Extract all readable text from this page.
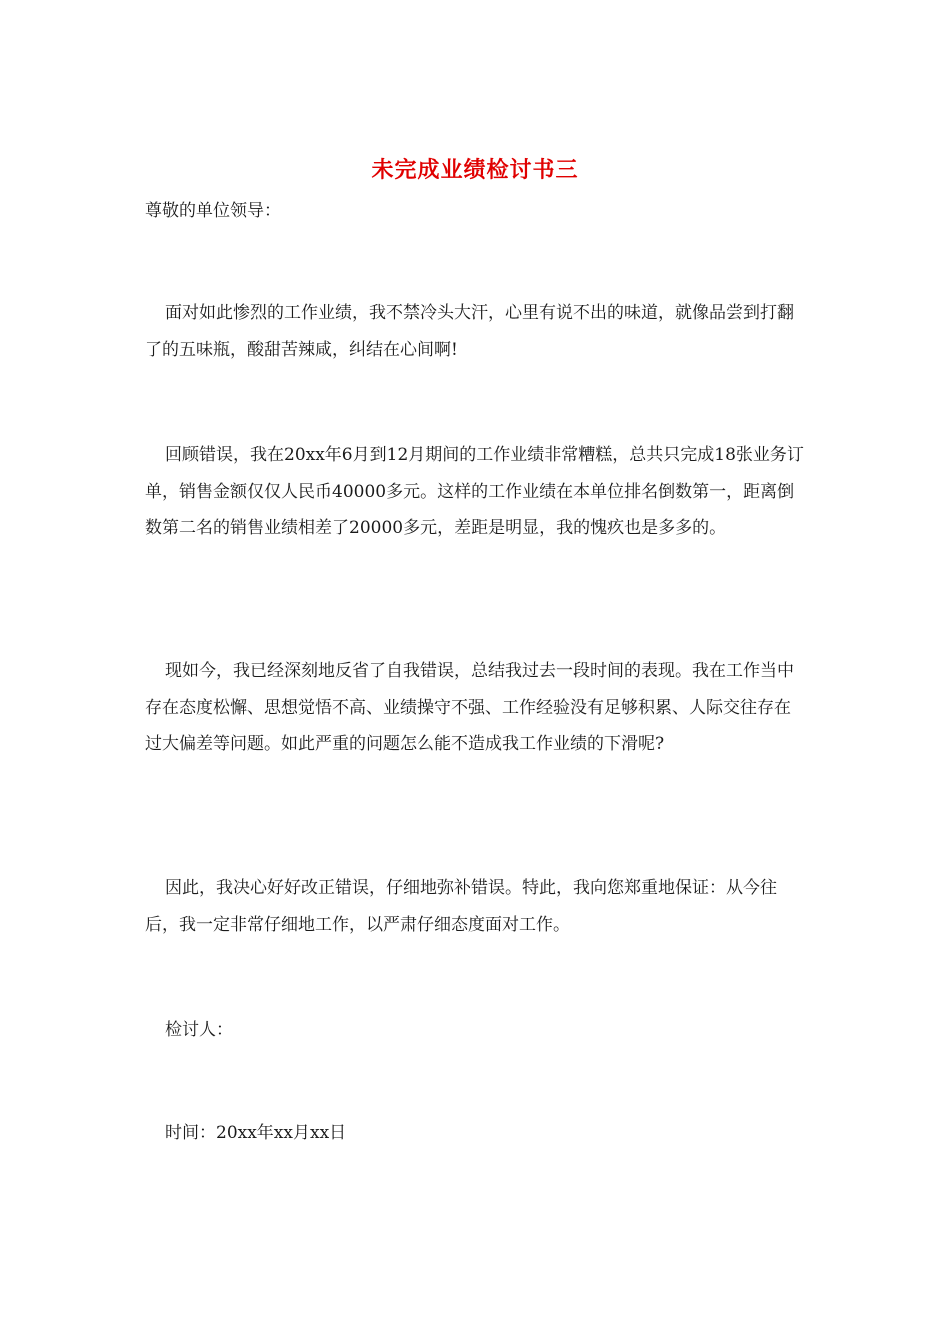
未完成业绩检讨书三
尊敬的单位领导：

面对如此惨烈的工作业绩，我不禁冷头大汗，心里有说不出的味道，就像品尝到打翻了的五味瓶，酸甜苦辣咸，纠结在心间啊!

回顾错误，我在20xx年6月到12月期间的工作业绩非常糟糕，总共只完成18张业务订单，销售金额仅仅人民币40000多元。这样的工作业绩在本单位排名倒数第一，距离倒数第二名的销售业绩相差了20000多元，差距是明显，我的愧疚也是多多的。

现如今，我已经深刻地反省了自我错误，总结我过去一段时间的表现。我在工作当中存在态度松懈、思想觉悟不高、业绩操守不强、工作经验没有足够积累、人际交往存在过大偏差等问题。如此严重的问题怎么能不造成我工作业绩的下滑呢?

因此，我决心好好改正错误，仔细地弥补错误。特此，我向您郑重地保证：从今往后，我一定非常仔细地工作，以严肃仔细态度面对工作。

检讨人：

时间：20xx年xx月xx日
